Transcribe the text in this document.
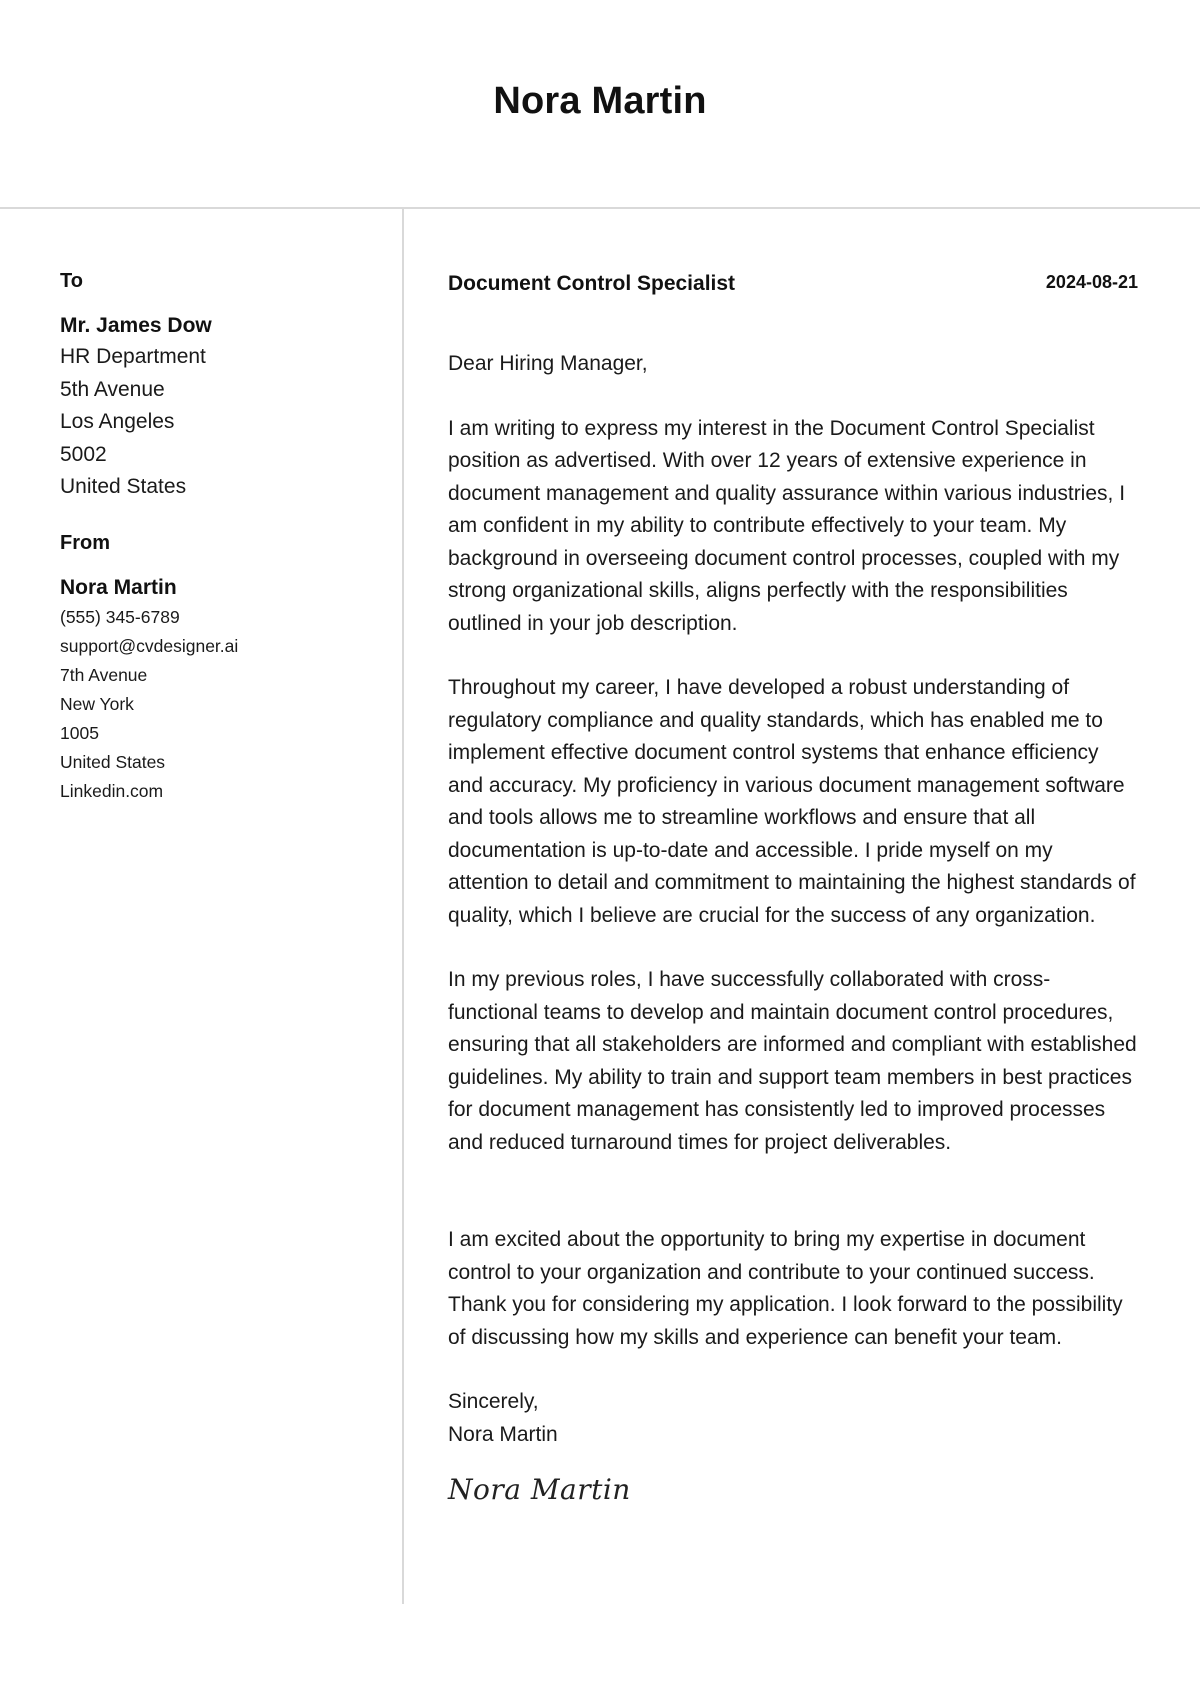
Nora Martin
To
Mr. James Dow
HR Department
5th Avenue
Los Angeles
5002
United States
From
Nora Martin
(555) 345-6789
support@cvdesigner.ai
7th Avenue
New York
1005
United States
Linkedin.com
Document Control Specialist	2024-08-21
Dear Hiring Manager,

I am writing to express my interest in the Document Control Specialist position as advertised. With over 12 years of extensive experience in document management and quality assurance within various industries, I am confident in my ability to contribute effectively to your team. My background in overseeing document control processes, coupled with my strong organizational skills, aligns perfectly with the responsibilities outlined in your job description.

Throughout my career, I have developed a robust understanding of regulatory compliance and quality standards, which has enabled me to implement effective document control systems that enhance efficiency and accuracy. My proficiency in various document management software and tools allows me to streamline workflows and ensure that all documentation is up-to-date and accessible. I pride myself on my attention to detail and commitment to maintaining the highest standards of quality, which I believe are crucial for the success of any organization.

In my previous roles, I have successfully collaborated with cross-functional teams to develop and maintain document control procedures, ensuring that all stakeholders are informed and compliant with established guidelines. My ability to train and support team members in best practices for document management has consistently led to improved processes and reduced turnaround times for project deliverables.

I am excited about the opportunity to bring my expertise in document control to your organization and contribute to your continued success. Thank you for considering my application. I look forward to the possibility of discussing how my skills and experience can benefit your team.

Sincerely,
Nora Martin
Nora Martin
